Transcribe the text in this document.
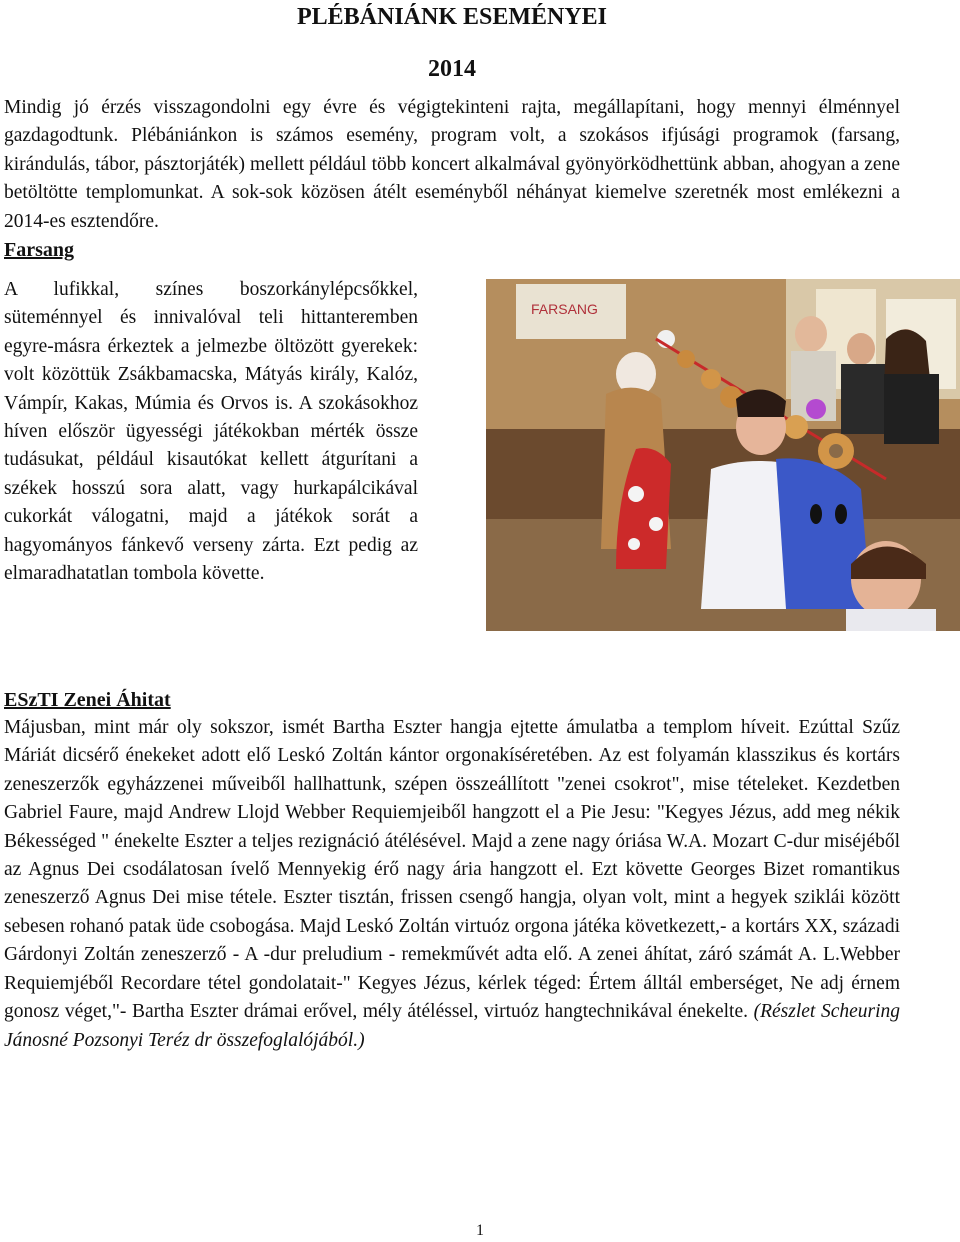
PLÉBÁNIÁNK ESEMÉNYEI
2014

Mindig jó érzés visszagondolni egy évre és végigtekinteni rajta, megállapítani, hogy mennyi élménnyel gazdagodtunk. Plébániánkon is számos esemény, program volt, a szokásos ifjúsági programok (farsang, kirándulás, tábor, pásztorjáték) mellett például több koncert alkalmával gyönyörködhettünk abban, ahogyan a zene betöltötte templomunkat. A sok-sok közösen átélt eseményből néhányat kiemelve szeretnék most emlékezni a 2014-es esztendőre.

Farsang
A lufikkal, színes boszorkánylépcsőkkel, süteménnyel és innivalóval teli hittanteremben egyre-másra érkeztek a jelmezbe öltözött gyerekek: volt közöttük Zsákbamacska, Mátyás király, Kalóz, Vámpír, Kakas, Múmia és Orvos is. A szokásokhoz híven először ügyességi játékokban mérték össze tudásukat, például kisautókat kellett átgurítani a székek hosszú sora alatt, vagy hurkapálcikával cukorkát válogatni, majd a játékok sorát a hagyományos fánkevő verseny zárta. Ezt pedig az elmaradhatatlan tombola követte.
FARSANG
ESzTI Zenei Áhitat

Májusban, mint már oly sokszor, ismét Bartha Eszter hangja ejtette ámulatba a templom híveit. Ezúttal Szűz Máriát dicsérő énekeket adott elő Leskó Zoltán kántor orgonakíséretében. Az est folyamán klasszikus és kortárs zeneszerzők egyházzenei műveiből hallhattunk, szépen összeállított "zenei csokrot", mise tételeket. Kezdetben Gabriel Faure, majd Andrew Llojd Webber Requiemjeiből hangzott el a Pie Jesu: "Kegyes Jézus, add meg nékik Békességed " énekelte Eszter a teljes rezignáció átélésével. Majd a zene nagy óriása W.A. Mozart C-dur miséjéből az Agnus Dei csodálatosan ívelő Mennyekig érő nagy ária hangzott el. Ezt követte Georges Bizet romantikus zeneszerző Agnus Dei mise tétele. Eszter tisztán, frissen csengő hangja, olyan volt, mint a hegyek sziklái között sebesen rohanó patak üde csobogása. Majd Leskó Zoltán virtuóz orgona játéka következett,- a kortárs XX, századi Gárdonyi Zoltán zeneszerző - A -dur preludium - remekművét adta elő. A zenei áhítat, záró számát A. L.Webber Requiemjéből Recordare tétel gondolatait-" Kegyes Jézus, kérlek téged: Értem álltál emberséget, Ne adj érnem gonosz véget,"- Bartha Eszter drámai erővel, mély átéléssel, virtuóz hangtechnikával énekelte. (Részlet Scheuring Jánosné Pozsonyi Teréz dr összefoglalójából.)

1
